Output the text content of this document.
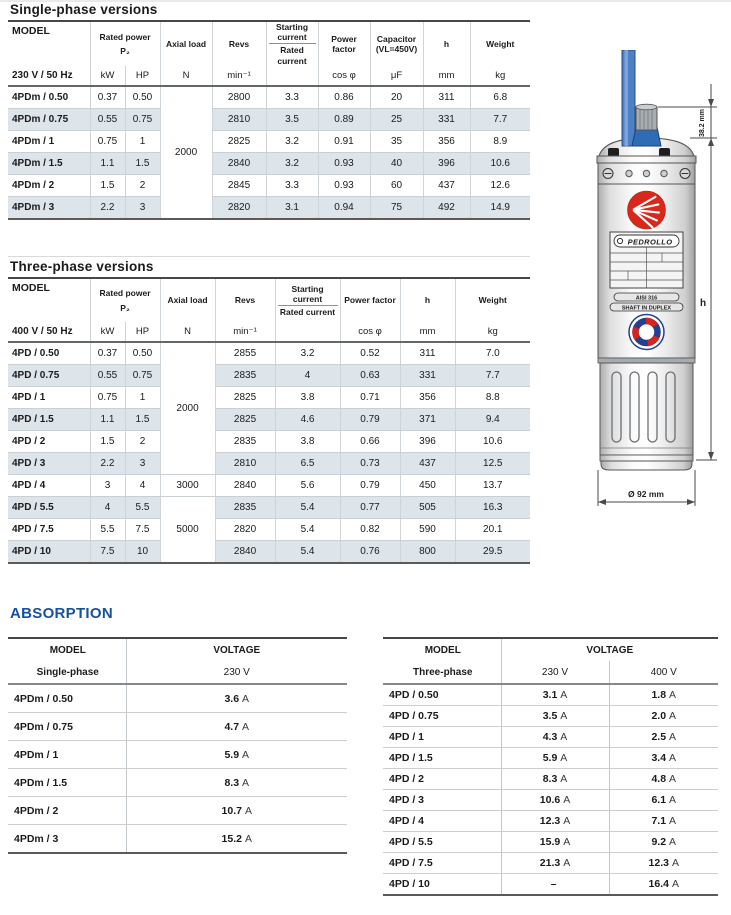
Single-phase versions
MODEL	Rated power
P₂		Axial load	Revs	$\frac{\text{Starting current}}{\text{Rated current}}$	Power factor	Capacitor
(VL=450V)	h	Weight
230 V / 50 Hz	kW	HP	N	min⁻¹		cos φ	μF	mm	kg
4PDm / 0.50	0.37	0.50	2000	2800	3.3	0.86	20	311	6.8
4PDm / 0.75	0.55	0.75		2810	3.5	0.89	25	331	7.7
4PDm / 1	0.75	1		2825	3.2	0.91	35	356	8.9
4PDm / 1.5	1.1	1.5		2840	3.2	0.93	40	396	10.6
4PDm / 2	1.5	2		2845	3.3	0.93	60	437	12.6
4PDm / 3	2.2	3		2820	3.1	0.94	75	492	14.9
Three-phase versions
MODEL	Rated power
P₂		Axial load	Revs	$\frac{\text{Starting current}}{\text{Rated current}}$	Power factor	h	Weight
400 V / 50 Hz	kW	HP	N	min⁻¹		cos φ	mm	kg
4PD / 0.50	0.37	0.50	2000	2855	3.2	0.52	311	7.0
4PD / 0.75	0.55	0.75		2835	4	0.63	331	7.7
4PD / 1	0.75	1		2825	3.8	0.71	356	8.8
4PD / 1.5	1.1	1.5		2825	4.6	0.79	371	9.4
4PD / 2	1.5	2		2835	3.8	0.66	396	10.6
4PD / 3	2.2	3		2810	6.5	0.73	437	12.5
4PD / 4	3	4	3000	2840	5.6	0.79	450	13.7
4PD / 5.5	4	5.5	5000	2835	5.4	0.77	505	16.3
4PD / 7.5	5.5	7.5		2820	5.4	0.82	590	20.1
4PD / 10	7.5	10		2840	5.4	0.76	800	29.5
ABSORPTION
MODEL	VOLTAGE
Single-phase	230 V
4PDm / 0.50	3.6 A
4PDm / 0.75	4.7 A
4PDm / 1	5.9 A
4PDm / 1.5	8.3 A
4PDm / 2	10.7 A
4PDm / 3	15.2 A
MODEL	VOLTAGE	
Three-phase	230 V	400 V
4PD / 0.50	3.1 A	1.8 A
4PD / 0.75	3.5 A	2.0 A
4PD / 1	4.3 A	2.5 A
4PD / 1.5	5.9 A	3.4 A
4PD / 2	8.3 A	4.8 A
4PD / 3	10.6 A	6.1 A
4PD / 4	12.3 A	7.1 A
4PD / 5.5	15.9 A	9.2 A
4PD / 7.5	21.3 A	12.3 A
4PD / 10	–	16.4 A
38.2 mm
h
Ø 92 mm
PEDROLLO
AISI 316
SHAFT IN DUPLEX
